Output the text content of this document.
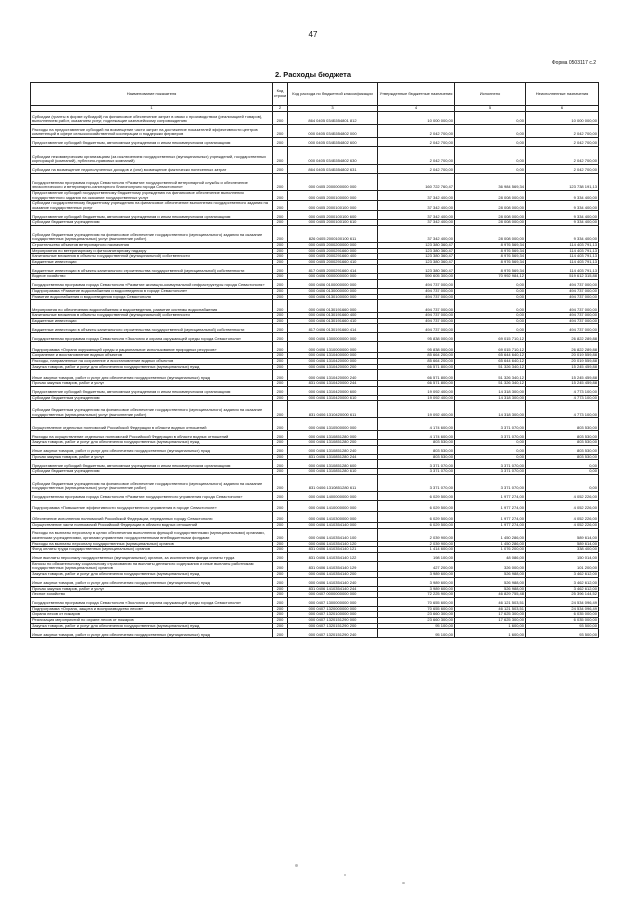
47
Форма 0503117 с.2
2. Расходы бюджета
Наименование показателя	Код строки	Код расхода по бюджетной классификации	Утвержденные бюджетные назначения	Исполнено	Неисполненные назначения
1	2	3	4	5	6
Субсидии (гранты в форме субсидий) на финансовое обеспечение затрат в связи с производством (реализацией товаров), выполнением работ, оказанием услуг, подлежащие казначейскому сопровождению	200	864 0405 034Б554801 812	10 000 000,00	0,00	10 000 000,00
Расходы на предоставление субсидий на возмещение части затрат на достижение показателей эффективности центров компетенций в сфере сельскохозяйственной кооперации и поддержки фермеров	200	000 0405 034Б554802 000	2 042 700,00	0,00	2 042 700,00
Предоставление субсидий бюджетным, автономным учреждениям и иным некоммерческим организациям	200	000 0405 034Б554802 600	2 042 700,00	0,00	2 042 700,00
Субсидии некоммерческим организациям (за исключением государственных (муниципальных) учреждений, государственных корпораций (компаний), публично-правовых компаний)	200	000 0405 034Б554802 630	2 042 700,00	0,00	2 042 700,00
Субсидии на возмещение недополученных доходов и (или) возмещение фактически понесенных затрат	200	864 0405 034Б554802 631	2 042 700,00	0,00	2 042 700,00
Государственная программа города Севастополя «Развитие государственной ветеринарной службы и обеспечение эпизоотического и ветеринарно-санитарного благополучия города Севастополя»	200	000 0405 2000000000 000	160 722 760,47	36 984 569,34	123 738 191,13
Предоставление субсидий государственному бюджетному учреждению на финансовое обеспечение выполнения государственного задания на оказание государственных услуг	200	000 0405 2000100000 000	37 342 400,00	28 008 000,00	9 334 400,00
Субсидии государственному бюджетному учреждению на финансовое обеспечение выполнения государственного задания на оказание государственных услуг	200	000 0405 2000100100 000	37 342 400,00	28 008 000,00	9 334 400,00
Предоставление субсидий бюджетным, автономным учреждениям и иным некоммерческим организациям	200	000 0405 2000100100 600	37 342 400,00	28 008 000,00	9 334 400,00
Субсидии бюджетным учреждениям	200	000 0405 2000100100 610	37 342 400,00	28 008 000,00	9 334 400,00
Субсидии бюджетным учреждениям на финансовое обеспечение государственного (муниципального) задания на оказание государственных (муниципальных) услуг (выполнение работ)	200	826 0405 2000100100 611	37 342 400,00	28 008 000,00	9 334 400,00
Строительство объектов ветеринарного назначения	200	000 0405 2000200000 000	123 380 360,47	8 976 569,34	114 403 791,13
Мероприятия по ветеринарному и фитосанитарному надзору	200	000 0405 2000291660 000	123 380 360,47	8 976 569,34	114 403 791,13
Капитальные вложения в объекты государственной (муниципальной) собственности	200	000 0405 2000291660 400	123 380 360,47	8 976 569,34	114 403 791,13
Бюджетные инвестиции	200	000 0405 2000291660 410	123 380 360,47	8 976 569,34	114 403 791,13
Бюджетные инвестиции в объекты капитального строительства государственной (муниципальной) собственности	200	817 0405 2000291660 414	123 380 360,47	8 976 569,34	114 403 791,13
Водное хозяйство	200	000 0406 0000000000 000	590 605 300,00	70 992 984,12	519 612 315,88
Государственная программа города Севастополя «Развитие жилищно-коммунальной инфраструктуры города Севастополя»	200	000 0406 0100000000 000	494 737 000,00	0,00	494 737 000,00
Подпрограмма «Развитие водоснабжения и водоотведения в городе Севастополе»	200	000 0406 0130000000 000	494 737 000,00	0,00	494 737 000,00
Развитие водоснабжения и водоотведения города Севастополя	200	000 0406 0130100000 000	494 737 000,00	0,00	494 737 000,00
Мероприятия по обеспечению водоснабжения и водоотведения, развитие системы водоснабжения	200	000 0406 0130191660 000	494 737 000,00	0,00	494 737 000,00
Капитальные вложения в объекты государственной (муниципальной) собственности	200	000 0406 0130191660 400	494 737 000,00	0,00	494 737 000,00
Бюджетные инвестиции	200	000 0406 0130191660 410	494 737 000,00	0,00	494 737 000,00
Бюджетные инвестиции в объекты капитального строительства государственной (муниципальной) собственности	200	817 0406 0130191660 414	494 737 000,00	0,00	494 737 000,00
Государственная программа города Севастополя «Экология и охрана окружающей среды города Севастополя»	200	000 0406 1300000000 000	95 838 000,00	69 015 710,12	26 822 289,88
Подпрограмма «Охрана окружающей среды и рациональное использование природных ресурсов»	200	000 0406 1310000000 000	95 838 000,00	69 015 710,12	26 822 289,88
Сохранение и восстановление водных объектов	200	000 0406 1310400000 000	85 664 200,00	65 644 640,12	20 019 559,88
Расходы, направленные на сохранение и восстановление водных объектов	200	000 0406 1310420000 000	85 664 200,00	65 644 640,12	20 019 559,88
Закупка товаров, работ и услуг для обеспечения государственных (муниципальных) нужд	200	000 0406 1310420000 200	66 571 800,00	51 326 340,12	15 245 459,88
Иные закупки товаров, работ и услуг для обеспечения государственных (муниципальных) нужд	200	000 0406 1310420000 240	66 571 800,00	51 326 340,12	15 245 459,88
Прочая закупка товаров, работ и услуг	200	831 0406 1310420000 244	66 571 800,00	51 326 340,12	15 245 459,88
Предоставление субсидий бюджетным, автономным учреждениям и иным некоммерческим организациям	200	000 0406 1310420000 600	19 092 400,00	14 318 300,00	4 773 100,00
Субсидии бюджетным учреждениям	200	000 0406 1310420000 610	19 092 400,00	14 318 300,00	4 773 100,00
Субсидии бюджетным учреждениям на финансовое обеспечение государственного (муниципального) задания на оказание государственных (муниципальных) услуг (выполнение работ)	200	831 0406 1310420000 611	19 092 400,00	14 318 300,00	4 773 100,00
Осуществление отдельных полномочий Российской Федерации в области водных отношений	200	000 0406 1310500000 000	4 174 600,00	3 371 070,00	803 530,00
Расходы на осуществление отдельных полномочий Российской Федерации в области водных отношений	200	000 0406 1310851280 000	4 174 600,00	3 371 070,00	803 530,00
Закупка товаров, работ и услуг для обеспечения государственных (муниципальных) нужд	200	000 0406 1310851280 200	803 530,00	0,00	803 530,00
Иные закупки товаров, работ и услуг для обеспечения государственных (муниципальных) нужд	200	000 0406 1310851280 240	803 530,00	0,00	803 530,00
Прочая закупка товаров, работ и услуг	200	831 0406 1310851280 244	803 530,00	0,00	803 530,00
Предоставление субсидий бюджетным, автономным учреждениям и иным некоммерческим организациям	200	000 0406 1310851280 600	3 371 070,00	3 371 070,00	0,00
Субсидии бюджетным учреждениям	200	000 0406 1310851280 610	3 371 070,00	3 371 070,00	0,00
Субсидии бюджетным учреждениям на финансовое обеспечение государственного (муниципального) задания на оказание государственных (муниципальных) услуг (выполнение работ)	200	831 0406 1310851280 611	3 371 070,00	3 371 070,00	0,00
Государственная программа города Севастополя «Развитие государственного управления города Севастополя»	200	000 0406 1400000000 000	6 029 500,00	1 977 274,00	4 052 226,00
Подпрограмма «Повышение эффективности государственного управления в городе Севастополе»	200	000 0406 1410000000 000	6 029 500,00	1 977 274,00	4 052 226,00
Обеспечение исполнения полномочий Российской Федерации, переданных городу Севастополю	200	000 0406 1410300000 000	6 029 500,00	1 977 274,00	4 052 226,00
Осуществление части полномочий Российской Федерации в области водных отношений	200	000 0406 1410354140 000	6 029 500,00	1 977 274,00	4 052 226,00
Расходы на выплаты персоналу в целях обеспечения выполнения функций государственными (муниципальными) органами, казенными учреждениями, органами управления государственными внебюджетными фондами	200	000 0406 1410354140 100	2 039 900,00	1 450 286,00	589 614,00
Расходы на выплаты персоналу государственных (муниципальных) органов	200	000 0406 1410354140 120	2 039 900,00	1 450 286,00	589 614,00
Фонд оплаты труда государственных (муниципальных) органов	200	831 0406 1410354140 121	1 414 600,00	1 076 200,00	338 400,00
Иные выплаты персоналу государственных (муниципальных) органов, за исключением фонда оплаты труда	200	831 0406 1410354140 122	198 100,00	48 086,00	150 014,00
Взносы по обязательному социальному страхованию на выплаты денежного содержания и иные выплаты работникам государственных (муниципальных) органов	200	831 0406 1410354140 129	427 200,00	326 000,00	101 200,00
Закупка товаров, работ и услуг для обеспечения государственных (муниципальных) нужд	200	000 0406 1410354140 200	3 989 600,00	526 988,00	3 462 612,00
Иные закупки товаров, работ и услуг для обеспечения государственных (муниципальных) нужд	200	000 0406 1410354140 240	3 989 600,00	526 988,00	3 462 612,00
Прочая закупка товаров, работ и услуг	200	831 0406 1410354140 244	3 989 600,00	526 988,00	3 462 612,00
Лесное хозяйство	200	000 0407 0000000000 000	72 225 900,00	46 829 755,48	25 396 144,52
Государственная программа города Севастополя «Экология и охрана окружающей среды города Севастополя»	200	000 0407 1300000000 000	70 655 600,00	46 121 503,51	24 534 096,49
Подпрограмма «Охрана, защита и воспроизводство лесов»	200	000 0407 1320000000 000	70 655 600,00	46 121 503,51	24 534 096,49
Охрана лесов от пожаров	200	000 0407 1320100000 000	23 660 300,00	17 625 300,00	6 035 000,00
Реализация мероприятий по охране лесов от пожаров	200	000 0407 1320151290 000	23 660 300,00	17 625 300,00	6 035 000,00
Закупка товаров, работ и услуг для обеспечения государственных (муниципальных) нужд	200	000 0407 1320151290 200	95 100,00	1 600,00	93 500,00
Иные закупки товаров, работ и услуг для обеспечения государственных (муниципальных) нужд	200	000 0407 1320151290 240	95 100,00	1 600,00	93 500,00
